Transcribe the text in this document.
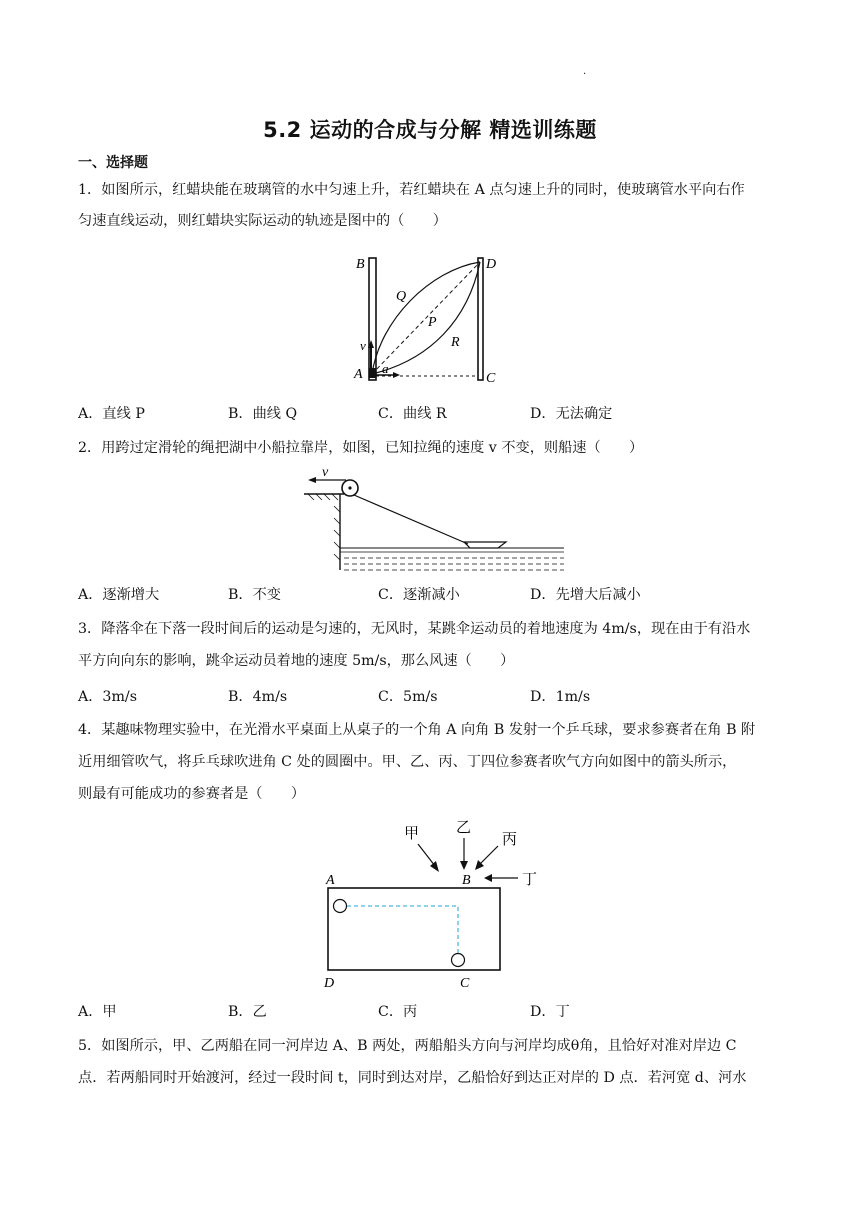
.
5.2 运动的合成与分解 精选训练题
一、选择题
1．如图所示，红蜡块能在玻璃管的水中匀速上升，若红蜡块在 A 点匀速上升的同时，使玻璃管水平向右作
匀速直线运动，则红蜡块实际运动的轨迹是图中的（　　）
B	D
Q
P
R
v
A a
C
A．直线 P	B．曲线 Q	C．曲线 R	D．无法确定
2．用跨过定滑轮的绳把湖中小船拉靠岸，如图，已知拉绳的速度 v 不变，则船速（　　）
v
A．逐渐增大	B．不变	C．逐渐减小	D．先增大后减小
3．降落伞在下落一段时间后的运动是匀速的，无风时，某跳伞运动员的着地速度为 4m/s，现在由于有沿水
平方向向东的影响，跳伞运动员着地的速度 5m/s，那么风速（　　）
A．3m/s	B．4m/s	C．5m/s	D．1m/s
4．某趣味物理实验中，在光滑水平桌面上从桌子的一个角 A 向角 B 发射一个乒乓球，要求参赛者在角 B 附
近用细管吹气，将乒乓球吹进角 C 处的圆圈中。甲、乙、丙、丁四位参赛者吹气方向如图中的箭头所示，
则最有可能成功的参赛者是（　　）
A	B
D	C
甲 乙
丙
丁
A．甲	B．乙	C．丙	D．丁
5．如图所示，甲、乙两船在同一河岸边 A、B 两处，两船船头方向与河岸均成θ角，且恰好对准对岸边 C
点．若两船同时开始渡河，经过一段时间 t，同时到达对岸，乙船恰好到达正对岸的 D 点．若河宽 d、河水
